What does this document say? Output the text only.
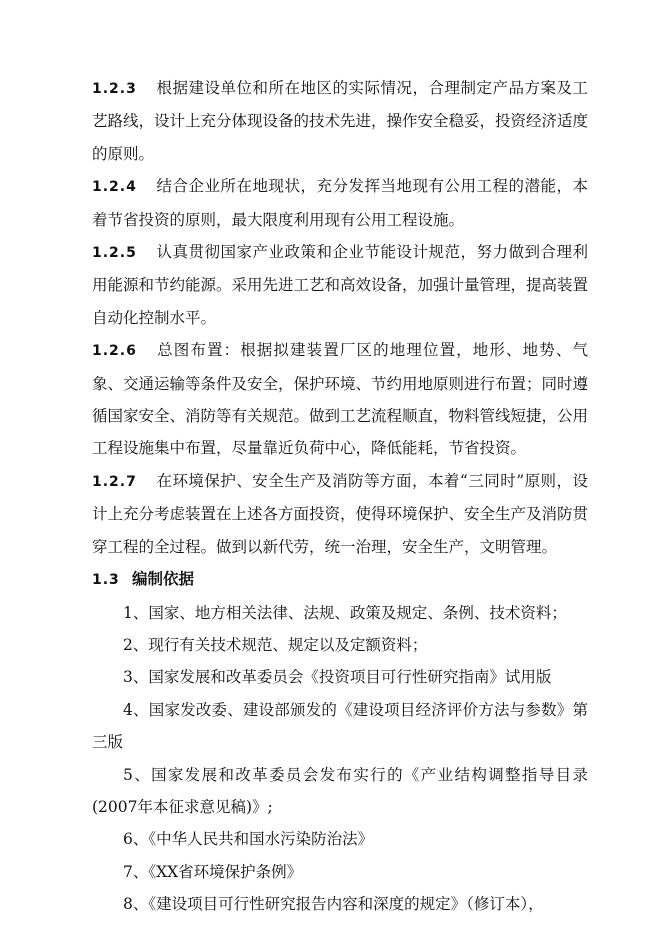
1.2.3 根据建设单位和所在地区的实际情况，合理制定产品方案及工艺路线，设计上充分体现设备的技术先进，操作安全稳妥，投资经济适度的原则。

1.2.4 结合企业所在地现状，充分发挥当地现有公用工程的潜能，本着节省投资的原则，最大限度利用现有公用工程设施。

1.2.5 认真贯彻国家产业政策和企业节能设计规范，努力做到合理利用能源和节约能源。采用先进工艺和高效设备，加强计量管理，提高装置自动化控制水平。

1.2.6 总图布置：根据拟建装置厂区的地理位置，地形、地势、气象、交通运输等条件及安全，保护环境、节约用地原则进行布置；同时遵循国家安全、消防等有关规范。做到工艺流程顺直，物料管线短捷，公用工程设施集中布置，尽量靠近负荷中心，降低能耗，节省投资。

1.2.7 在环境保护、安全生产及消防等方面，本着“三同时”原则，设计上充分考虑装置在上述各方面投资，使得环境保护、安全生产及消防贯穿工程的全过程。做到以新代劳，统一治理，安全生产，文明管理。

1.3 编制依据

1、国家、地方相关法律、法规、政策及规定、条例、技术资料；

2、现行有关技术规范、规定以及定额资料；

3、国家发展和改革委员会《投资项目可行性研究指南》试用版

4、国家发改委、建设部颁发的《建设项目经济评价方法与参数》第三版

5、国家发展和改革委员会发布实行的《产业结构调整指导目录(2007年本征求意见稿)》;

6、《中华人民共和国水污染防治法》

7、《XX省环境保护条例》

8、《建设项目可行性研究报告内容和深度的规定》（修订本），
